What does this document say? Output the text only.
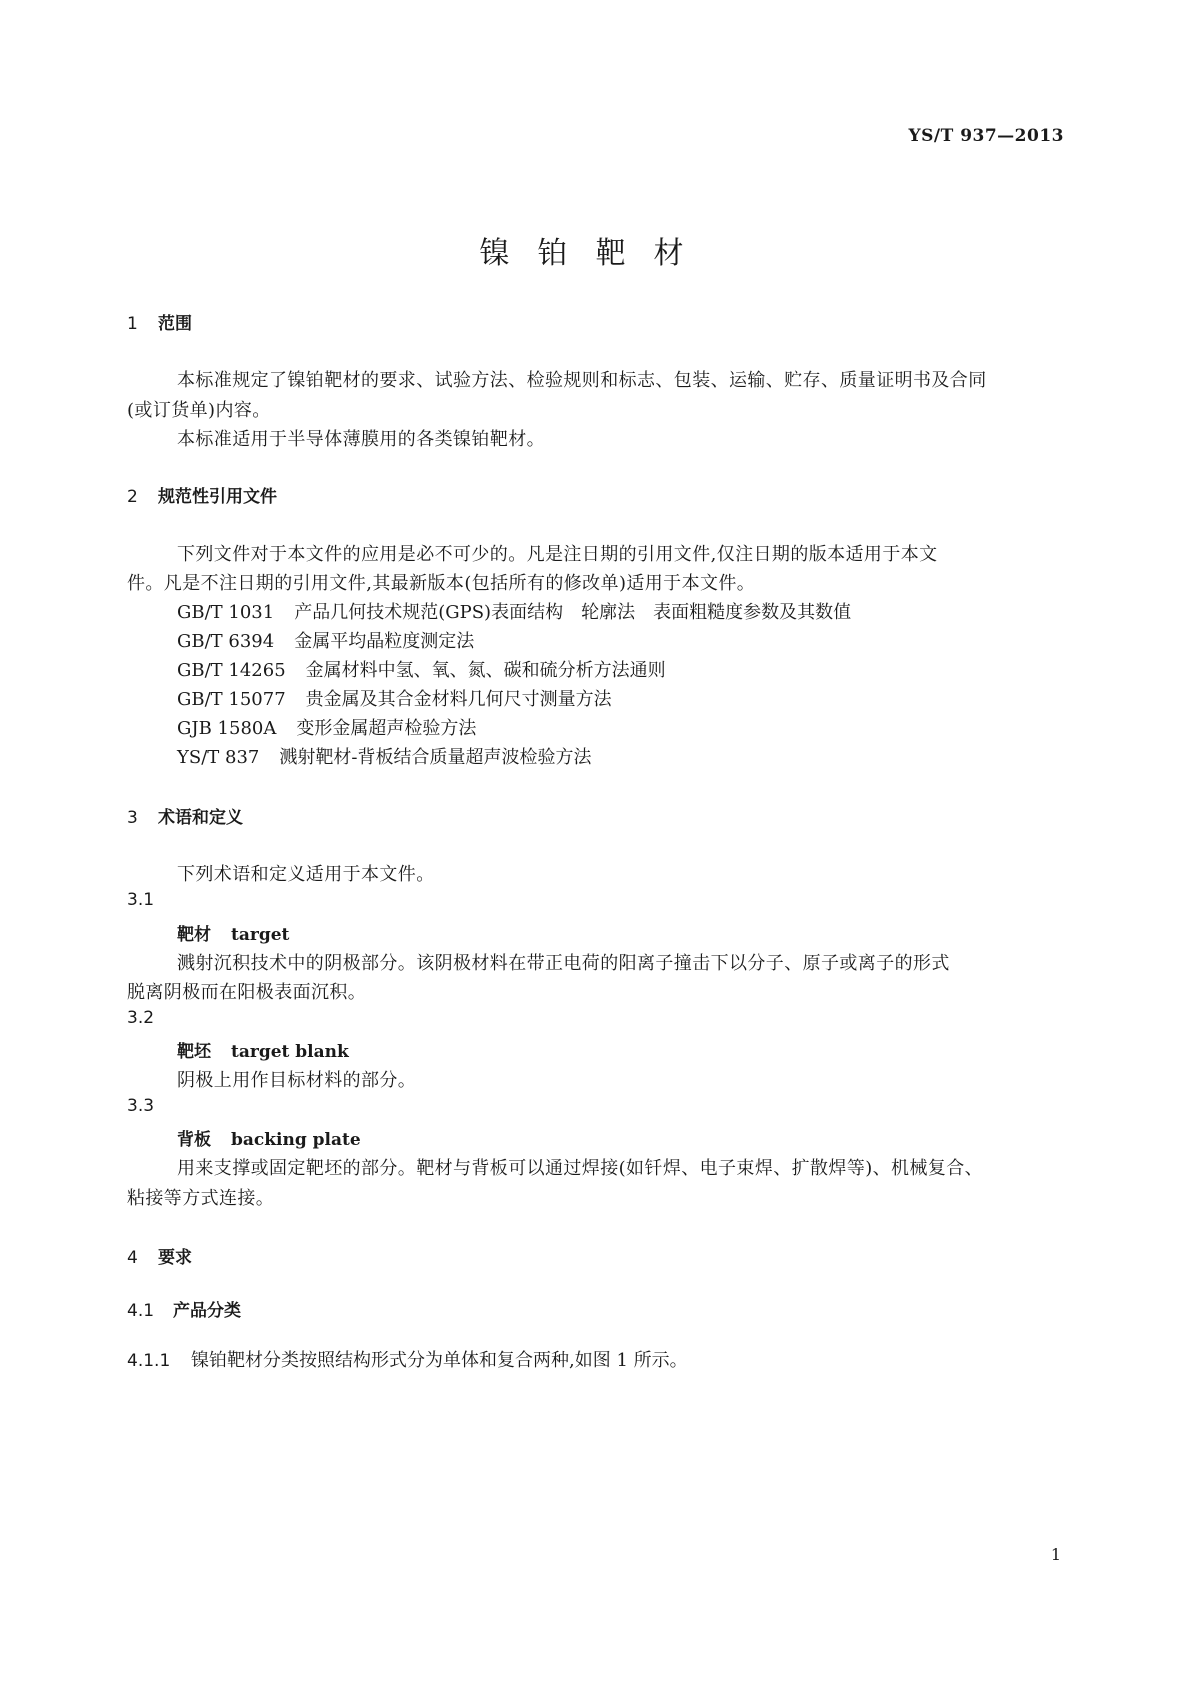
YS/T 937—2013
镍铂靶材
1 范围
本标准规定了镍铂靶材的要求、试验方法、检验规则和标志、包装、运输、贮存、质量证明书及合同
(或订货单)内容。
本标准适用于半导体薄膜用的各类镍铂靶材。
2 规范性引用文件
下列文件对于本文件的应用是必不可少的。凡是注日期的引用文件,仅注日期的版本适用于本文
件。凡是不注日期的引用文件,其最新版本(包括所有的修改单)适用于本文件。
GB/T 1031 产品几何技术规范(GPS)表面结构　轮廓法　表面粗糙度参数及其数值
GB/T 6394 金属平均晶粒度测定法
GB/T 14265 金属材料中氢、氧、氮、碳和硫分析方法通则
GB/T 15077 贵金属及其合金材料几何尺寸测量方法
GJB 1580A 变形金属超声检验方法
YS/T 837 溅射靶材-背板结合质量超声波检验方法
3 术语和定义
下列术语和定义适用于本文件。
3.1
靶材 target
溅射沉积技术中的阴极部分。该阴极材料在带正电荷的阳离子撞击下以分子、原子或离子的形式
脱离阴极而在阳极表面沉积。
3.2
靶坯 target blank
阴极上用作目标材料的部分。
3.3
背板 backing plate
用来支撑或固定靶坯的部分。靶材与背板可以通过焊接(如钎焊、电子束焊、扩散焊等)、机械复合、
粘接等方式连接。
4 要求
4.1 产品分类
4.1.1 镍铂靶材分类按照结构形式分为单体和复合两种,如图 1 所示。
1
